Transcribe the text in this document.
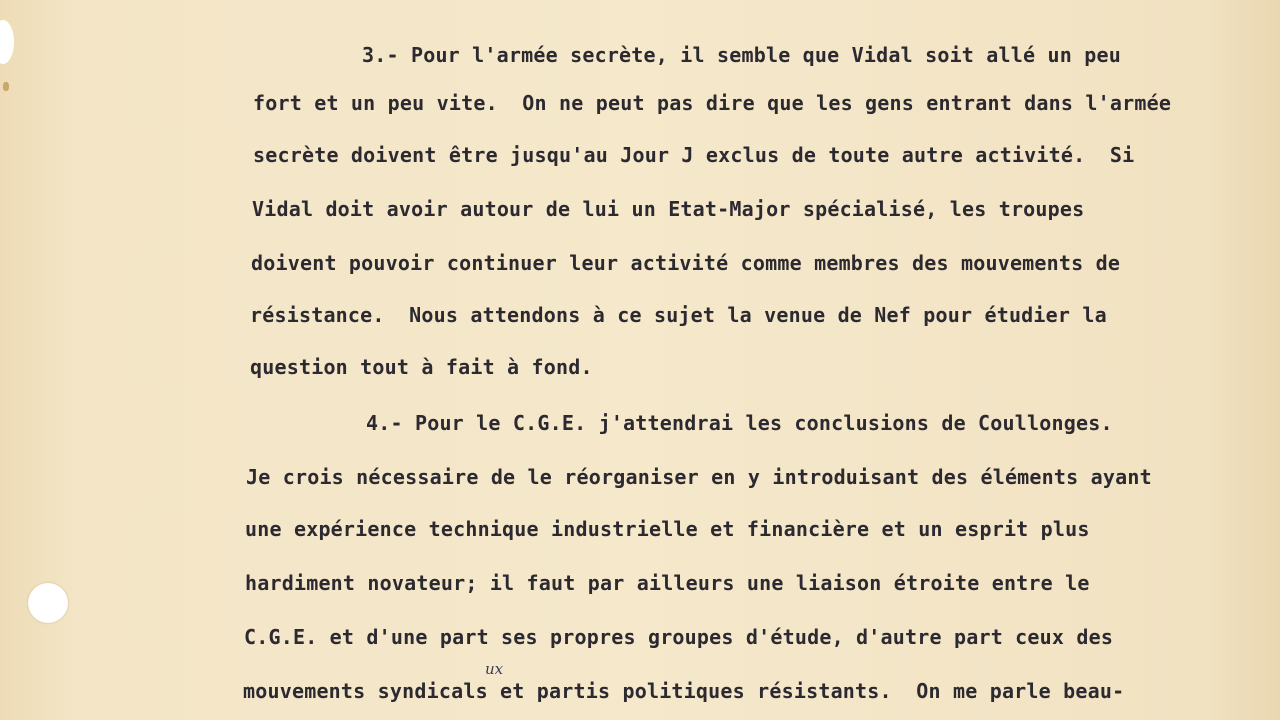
3.- Pour l'armée secrète, il semble que Vidal soit allé un peu
fort et un peu vite.  On ne peut pas dire que les gens entrant dans l'armée
secrète doivent être jusqu'au Jour J exclus de toute autre activité.  Si
Vidal doit avoir autour de lui un Etat-Major spécialisé, les troupes
doivent pouvoir continuer leur activité comme membres des mouvements de
résistance.  Nous attendons à ce sujet la venue de Nef pour étudier la
question tout à fait à fond.
4.- Pour le C.G.E. j'attendrai les conclusions de Coullonges.
Je crois nécessaire de le réorganiser en y introduisant des éléments ayant
une expérience technique industrielle et financière et un esprit plus
hardiment novateur; il faut par ailleurs une liaison étroite entre le
C.G.E. et d'une part ses propres groupes d'étude, d'autre part ceux des
mouvements syndicals et partis politiques résistants.  On me parle beau-
ux
